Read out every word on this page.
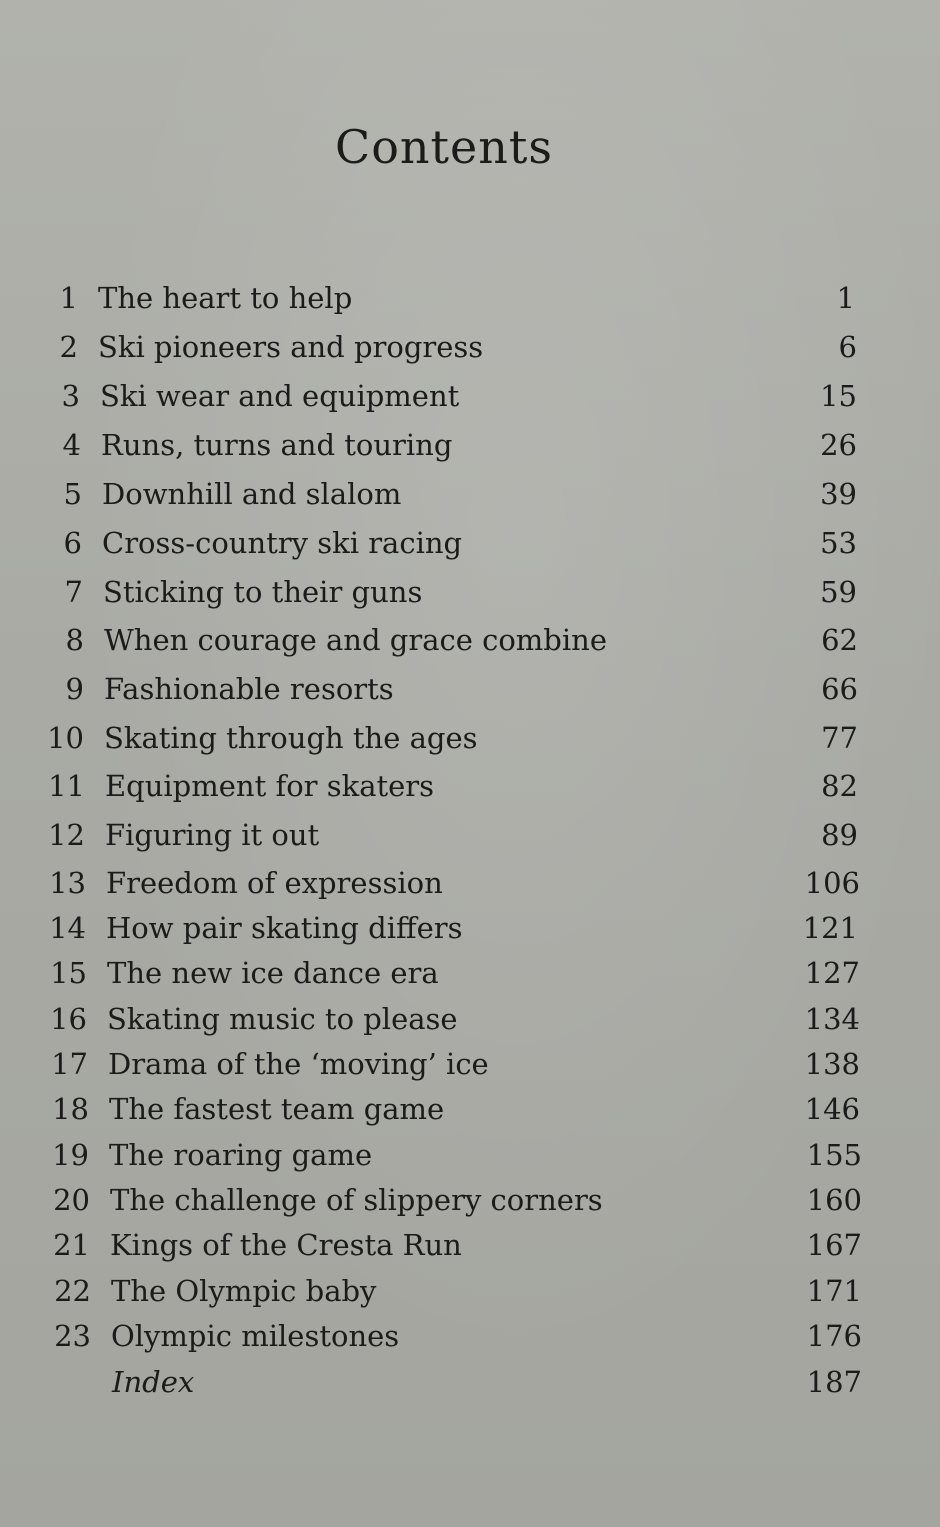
Contents
1 The heart to help	1
2 Ski pioneers and progress	6
3 Ski wear and equipment	15
4 Runs, turns and touring	26
5 Downhill and slalom	39
6 Cross-country ski racing	53
7 Sticking to their guns	59
8 When courage and grace combine	62
9 Fashionable resorts	66
10 Skating through the ages	77
11 Equipment for skaters	82
12 Figuring it out	89
13 Freedom of expression	106
14 How pair skating differs	121
15 The new ice dance era	127
16 Skating music to please	134
17 Drama of the ‘moving’ ice	138
18 The fastest team game	146
19 The roaring game	155
20 The challenge of slippery corners	160
21 Kings of the Cresta Run	167
22 The Olympic baby	171
23 Olympic milestones	176
Index	187
